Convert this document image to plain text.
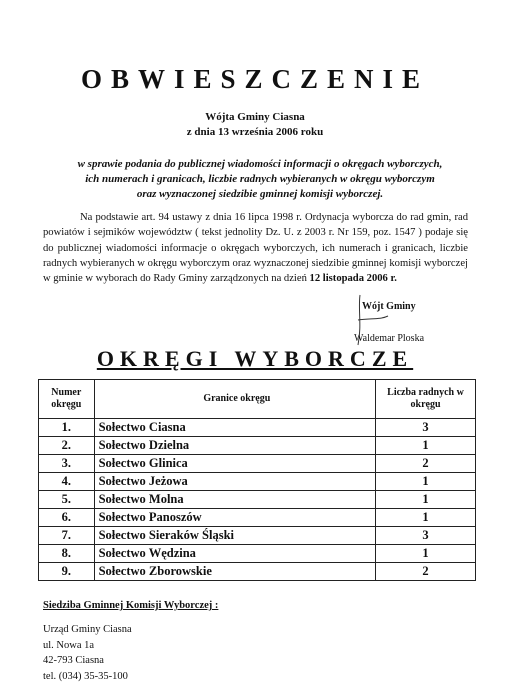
OBWIESZCZENIE
Wójta Gminy Ciasna
z dnia 13 września 2006 roku
w sprawie podania do publicznej wiadomości informacji o okręgach wyborczych,
ich numerach i granicach, liczbie radnych wybieranych w okręgu wyborczym
oraz wyznaczonej siedzibie gminnej komisji wyborczej.
Na podstawie art. 94 ustawy z dnia 16 lipca 1998 r. Ordynacja wyborcza do rad gmin, rad powiatów i sejmików województw ( tekst jednolity Dz. U. z 2003 r. Nr 159, poz. 1547 ) podaje się do publicznej wiadomości informacje o okręgach wyborczych, ich numerach i granicach, liczbie radnych wybieranych w okręgu wyborczym oraz wyznaczonej siedzibie gminnej komisji wyborczej w gminie w wyborach do Rady Gminy zarządzonych na dzień 12 listopada 2006 r.
Wójt Gminy
Waldemar Ploska
OKRĘGI WYBORCZE
Numer okręgu	Granice okręgu	Liczba radnych w okręgu
1.	Sołectwo Ciasna	3
2.	Sołectwo Dzielna	1
3.	Sołectwo Glinica	2
4.	Sołectwo Jeżowa	1
5.	Sołectwo Molna	1
6.	Sołectwo Panoszów	1
7.	Sołectwo Sieraków Śląski	3
8.	Sołectwo Wędzina	1
9.	Sołectwo Zborowskie	2
Siedziba Gminnej Komisji Wyborczej :
Urząd Gminy Ciasna
ul. Nowa 1a
42-793 Ciasna
tel. (034) 35-35-100
